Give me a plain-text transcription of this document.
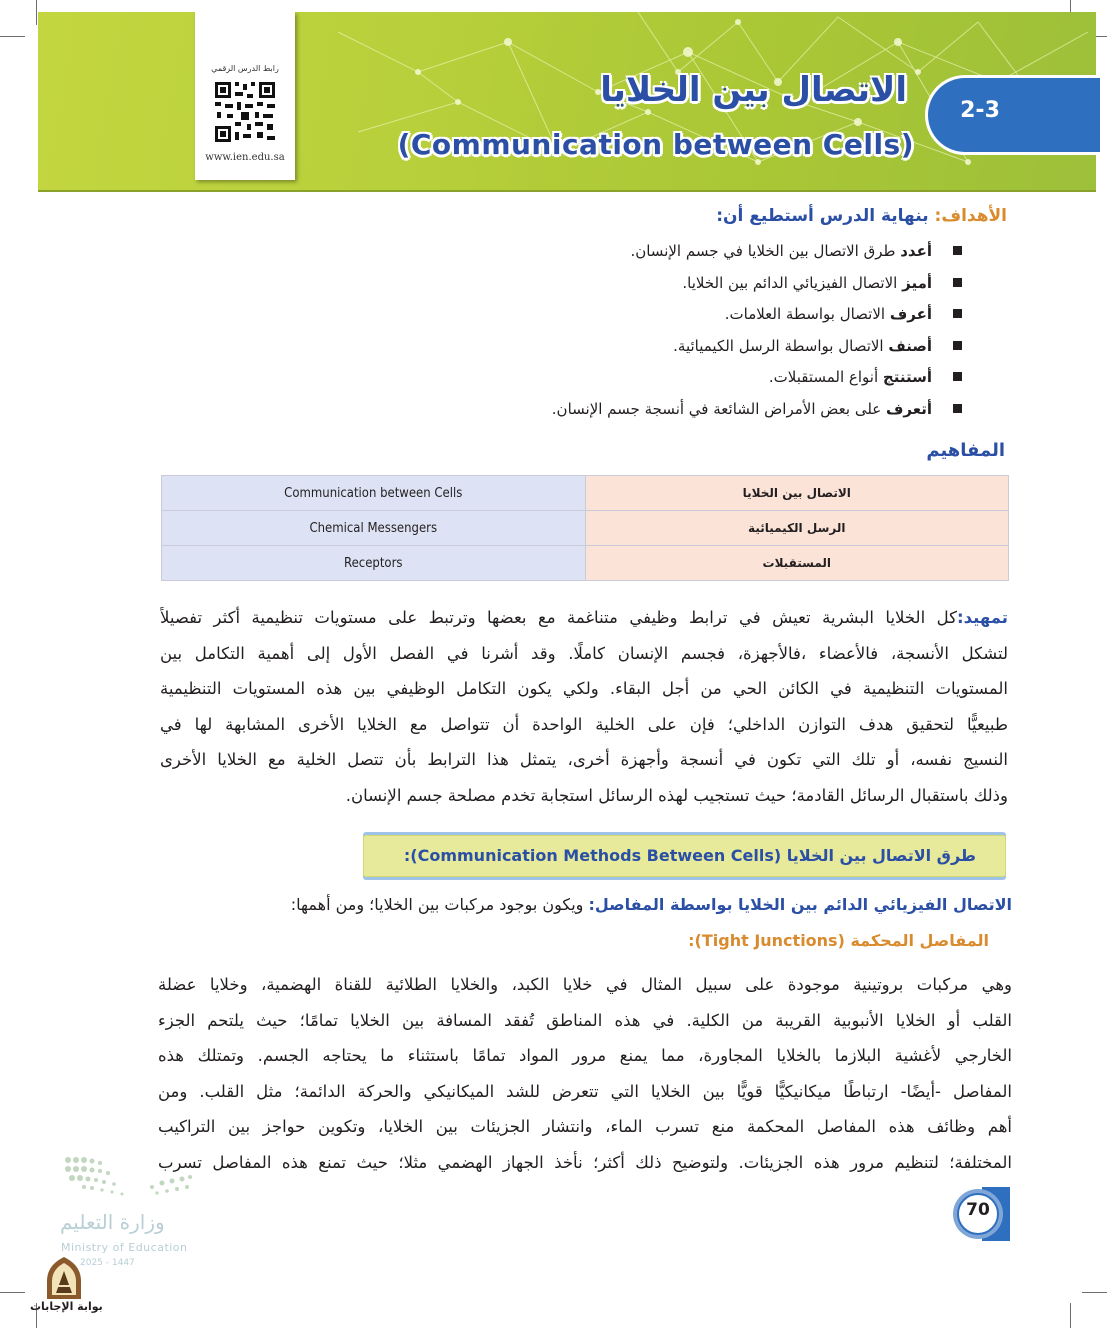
رابط الدرس الرقمي
www.ien.edu.sa
الاتصال بين الخلايا
(Communication between Cells)
2-3
الأهداف: بنهاية الدرس أستطيع أن:
أعدد طرق الاتصال بين الخلايا في جسم الإنسان.
أميز الاتصال الفيزيائي الدائم بين الخلايا.
أعرف الاتصال بواسطة العلامات.
أصنف الاتصال بواسطة الرسل الكيميائية.
أستنتج أنواع المستقبلات.
أتعرف على بعض الأمراض الشائعة في أنسجة جسم الإنسان.
المفاهيم
Communication between Cells	الاتصال بين الخلايا
Chemical Messengers	الرسل الكيميائية
Receptors	المستقبلات
تمهيد:كل الخلايا البشرية تعيش في ترابط وظيفي متناغمة مع بعضها وترتبط على مستويات تنظيمية أكثر تفصيلاً
لتشكل الأنسجة، فالأعضاء ،فالأجهزة، فجسم الإنسان كاملًا. وقد أشرنا في الفصل الأول إلى أهمية التكامل بين
المستويات التنظيمية في الكائن الحي من أجل البقاء. ولكي يكون التكامل الوظيفي بين هذه المستويات التنظيمية
طبيعيًّا لتحقيق هدف التوازن الداخلي؛ فإن على الخلية الواحدة أن تتواصل مع الخلايا الأخرى المشابهة لها في
النسيج نفسه، أو تلك التي تكون في أنسجة وأجهزة أخرى، يتمثل هذا الترابط بأن تتصل الخلية مع الخلايا الأخرى
وذلك باستقبال الرسائل القادمة؛ حيث تستجيب لهذه الرسائل استجابة تخدم مصلحة جسم الإنسان.
طرق الاتصال بين الخلايا (Communication Methods Between Cells):
الاتصال الفيزيائي الدائم بين الخلايا بواسطة المفاصل: ويكون بوجود مركبات بين الخلايا؛ ومن أهمها:
المفاصل المحكمة (Tight Junctions):
وهي مركبات بروتينية موجودة على سبيل المثال في خلايا الكبد، والخلايا الطلائية للقناة الهضمية، وخلايا عضلة
القلب أو الخلايا الأنبوبية القريبة من الكلية. في هذه المناطق تُفقد المسافة بين الخلايا تمامًا؛ حيث يلتحم الجزء
الخارجي لأغشية البلازما بالخلايا المجاورة، مما يمنع مرور المواد تمامًا باستثناء ما يحتاجه الجسم. وتمتلك هذه
المفاصل -أيضًا- ارتباطًا ميكانيكيًّا قويًّا بين الخلايا التي تتعرض للشد الميكانيكي والحركة الدائمة؛ مثل القلب. ومن
أهم وظائف هذه المفاصل المحكمة منع تسرب الماء، وانتشار الجزيئات بين الخلايا، وتكوين حواجز بين التراكيب
المختلفة؛ لتنظيم مرور هذه الجزيئات. ولتوضيح ذلك أكثر؛ نأخذ الجهاز الهضمي مثلا؛ حيث تمنع هذه المفاصل تسرب
70
وزارة التعليم
Ministry of Education
2025 - 1447
بوابة الإجابات
